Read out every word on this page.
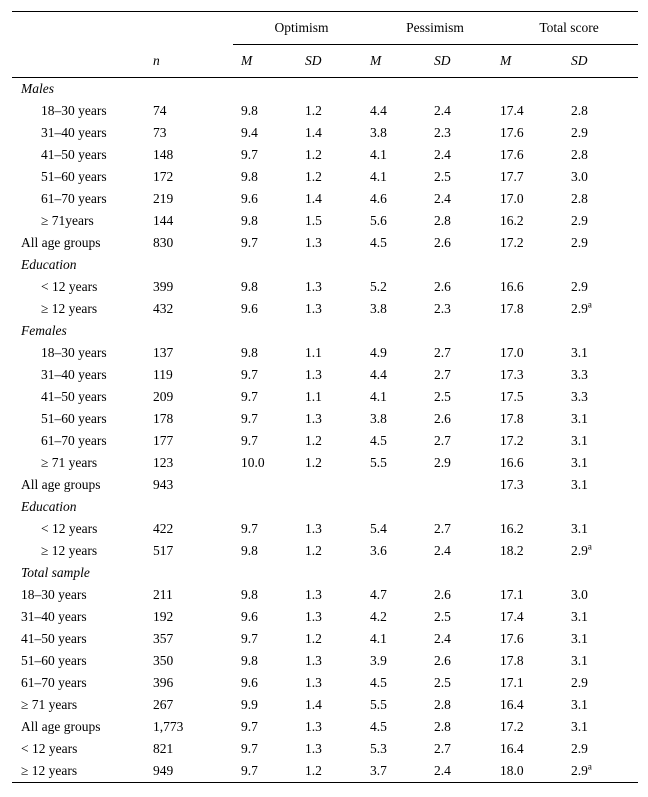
		Optimism		Pessimism		Total score	
	n	M	SD	M	SD	M	SD
Males							
18–30 years	74	9.8	1.2	4.4	2.4	17.4	2.8
31–40 years	73	9.4	1.4	3.8	2.3	17.6	2.9
41–50 years	148	9.7	1.2	4.1	2.4	17.6	2.8
51–60 years	172	9.8	1.2	4.1	2.5	17.7	3.0
61–70 years	219	9.6	1.4	4.6	2.4	17.0	2.8
≥ 71years	144	9.8	1.5	5.6	2.8	16.2	2.9
All age groups	830	9.7	1.3	4.5	2.6	17.2	2.9
Education							
< 12 years	399	9.8	1.3	5.2	2.6	16.6	2.9
≥ 12 years	432	9.6	1.3	3.8	2.3	17.8	2.9$^a$
Females							
18–30 years	137	9.8	1.1	4.9	2.7	17.0	3.1
31–40 years	119	9.7	1.3	4.4	2.7	17.3	3.3
41–50 years	209	9.7	1.1	4.1	2.5	17.5	3.3
51–60 years	178	9.7	1.3	3.8	2.6	17.8	3.1
61–70 years	177	9.7	1.2	4.5	2.7	17.2	3.1
≥ 71 years	123	10.0	1.2	5.5	2.9	16.6	3.1
All age groups	943					17.3	3.1
Education							
< 12 years	422	9.7	1.3	5.4	2.7	16.2	3.1
≥ 12 years	517	9.8	1.2	3.6	2.4	18.2	2.9$^a$
Total sample							
18–30 years	211	9.8	1.3	4.7	2.6	17.1	3.0
31–40 years	192	9.6	1.3	4.2	2.5	17.4	3.1
41–50 years	357	9.7	1.2	4.1	2.4	17.6	3.1
51–60 years	350	9.8	1.3	3.9	2.6	17.8	3.1
61–70 years	396	9.6	1.3	4.5	2.5	17.1	2.9
≥ 71 years	267	9.9	1.4	5.5	2.8	16.4	3.1
All age groups	1,773	9.7	1.3	4.5	2.8	17.2	3.1
< 12 years	821	9.7	1.3	5.3	2.7	16.4	2.9
≥ 12 years	949	9.7	1.2	3.7	2.4	18.0	2.9$^a$
